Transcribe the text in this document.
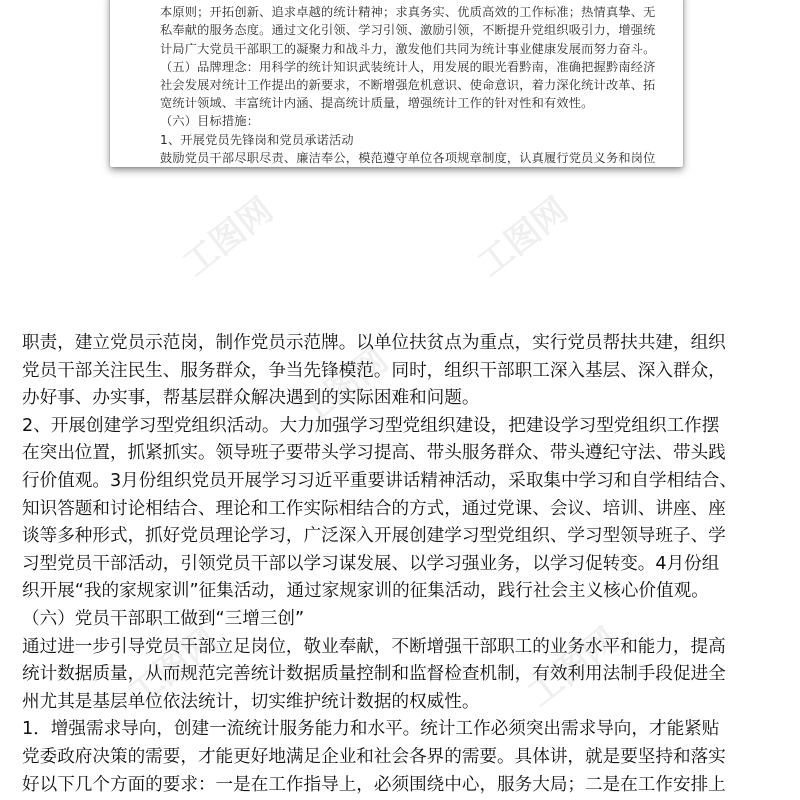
本原则；开拓创新、追求卓越的统计精神；求真务实、优质高效的工作标准；热情真挚、无

私奉献的服务态度。通过文化引领、学习引领、激励引领，不断提升党组织吸引力，增强统

计局广大党员干部职工的凝聚力和战斗力，激发他们共同为统计事业健康发展而努力奋斗。

（五）品牌理念：用科学的统计知识武装统计人，用发展的眼光看黔南，准确把握黔南经济

社会发展对统计工作提出的新要求，不断增强危机意识、使命意识，着力深化统计改革、拓

宽统计领域、丰富统计内涵、提高统计质量，增强统计工作的针对性和有效性。

（六）目标措施：

1、开展党员先锋岗和党员承诺活动

鼓励党员干部尽职尽责、廉洁奉公，模范遵守单位各项规章制度，认真履行党员义务和岗位

工图网	工图网
工图网
工图网	工图网

职责，建立党员示范岗，制作党员示范牌。以单位扶贫点为重点，实行党员帮扶共建，组织

党员干部关注民生、服务群众，争当先锋模范。同时，组织干部职工深入基层、深入群众，

办好事、办实事，帮基层群众解决遇到的实际困难和问题。

2、开展创建学习型党组织活动。大力加强学习型党组织建设，把建设学习型党组织工作摆

在突出位置，抓紧抓实。领导班子要带头学习提高、带头服务群众、带头遵纪守法、带头践

行价值观。3月份组织党员开展学习习近平重要讲话精神活动，采取集中学习和自学相结合、

知识答题和讨论相结合、理论和工作实际相结合的方式，通过党课、会议、培训、讲座、座

谈等多种形式，抓好党员理论学习，广泛深入开展创建学习型党组织、学习型领导班子、学

习型党员干部活动，引领党员干部以学习谋发展、以学习强业务，以学习促转变。4月份组

织开展“我的家规家训”征集活动，通过家规家训的征集活动，践行社会主义核心价值观。

（六）党员干部职工做到“三增三创”

通过进一步引导党员干部立足岗位，敬业奉献，不断增强干部职工的业务水平和能力，提高

统计数据质量，从而规范完善统计数据质量控制和监督检查机制，有效利用法制手段促进全

州尤其是基层单位依法统计，切实维护统计数据的权威性。

1．增强需求导向，创建一流统计服务能力和水平。统计工作必须突出需求导向，才能紧贴

党委政府决策的需要，才能更好地满足企业和社会各界的需要。具体讲，就是要坚持和落实

好以下几个方面的要求：一是在工作指导上，必须围绕中心，服务大局；二是在工作安排上
